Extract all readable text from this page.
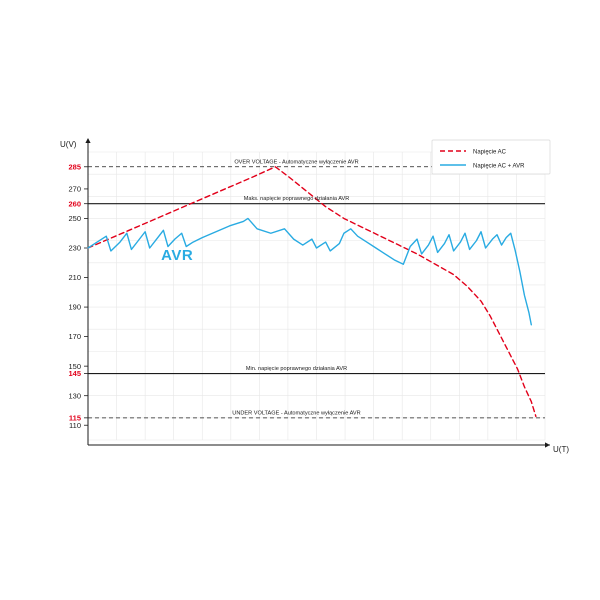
285
270
260
250
230
210
190
170
150
145
130
115
110
OVER VOLTAGE - Automatyczne wyłączenie AVR
Maks. napięcie poprawnego działania AVR
Min. napięcie poprawnego działania AVR
UNDER VOLTAGE - Automatyczne wyłączenie AVR
AVR
Napięcie AC
Napięcie AC + AVR
U(V)
U(T)
